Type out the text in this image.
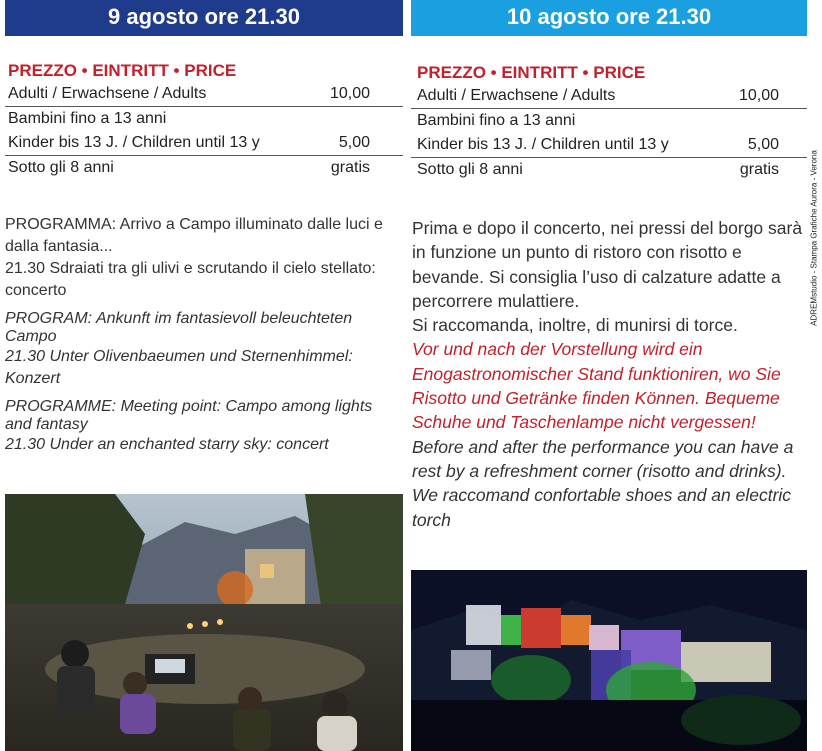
9 agosto ore 21.30
PREZZO • EINTRITT • PRICE
Adulti / Erwachsene / Adults	10,00
Bambini fino a 13 anni
Kinder bis 13 J. / Children until 13 y	5,00
Sotto gli 8 anni	gratis

PROGRAMMA: Arrivo a Campo illuminato dalle luci e dalla fantasia...

21.30 Sdraiati tra gli ulivi e scrutando il cielo stellato: concerto

PROGRAM: Ankunft im fantasievoll beleuchteten Campo

21.30 Unter Olivenbaeumen und Sternenhimmel: Konzert

PROGRAMME: Meeting point: Campo among lights and fantasy

21.30 Under an enchanted starry sky: concert

10 agosto ore 21.30
PREZZO • EINTRITT • PRICE
Adulti / Erwachsene / Adults	10,00
Bambini fino a 13 anni
Kinder bis 13 J. / Children until 13 y	5,00
Sotto gli 8 anni	gratis

Prima e dopo il concerto, nei pressi del borgo sarà in funzione un punto di ristoro con risotto e bevande. Si consiglia l’uso di calzature adatte a percorrere mulattiere.

Si raccomanda, inoltre, di munirsi di torce.

Vor und nach der Vorstellung wird ein Enogastronomischer Stand funktioniren, wo Sie Risotto und Getränke finden Können. Bequeme Schuhe und Taschenlampe nicht vergessen!

Before and after the performance you can have a rest by a refreshment corner (risotto and drinks). We raccomand confortable shoes and an electric torch

ADREMstudio - Stampa Grafiche Aurora - Verona
